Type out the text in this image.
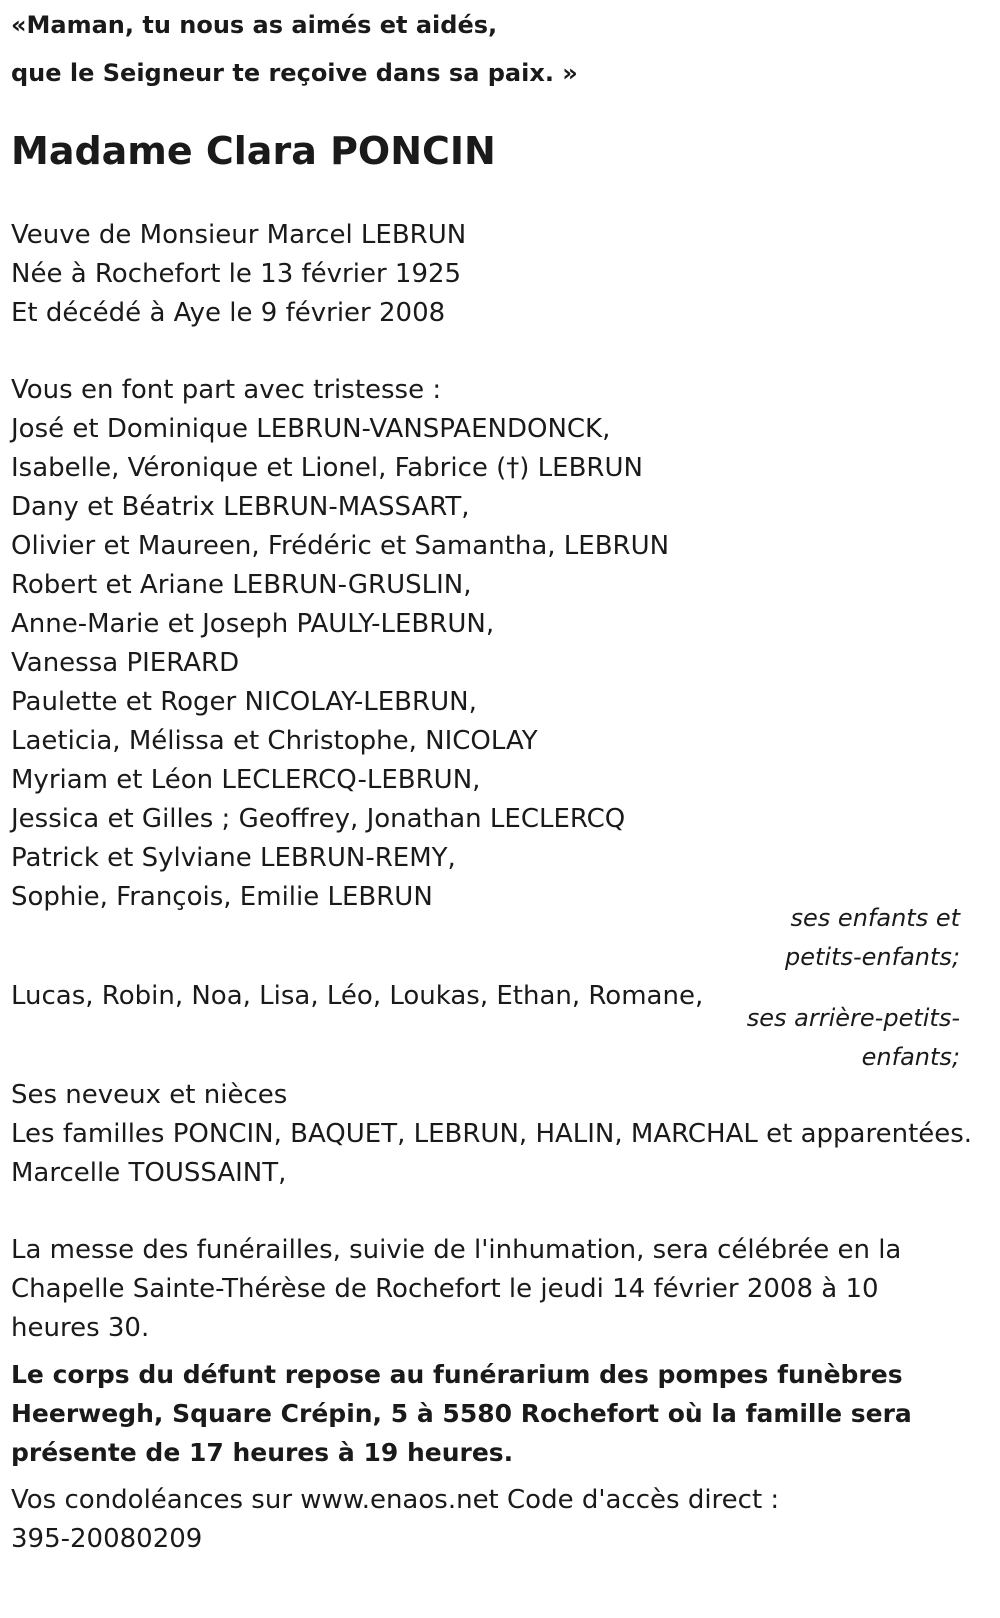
«Maman, tu nous as aimés et aidés,
que le Seigneur te reçoive dans sa paix. »
Madame Clara PONCIN
Veuve de Monsieur Marcel LEBRUN
Née à Rochefort le 13 février 1925
Et décédé à Aye le 9 février 2008
Vous en font part avec tristesse :
José et Dominique LEBRUN-VANSPAENDONCK,
Isabelle, Véronique et Lionel, Fabrice (†) LEBRUN
Dany et Béatrix LEBRUN-MASSART,
Olivier et Maureen, Frédéric et Samantha, LEBRUN
Robert et Ariane LEBRUN-GRUSLIN,
Anne-Marie et Joseph PAULY-LEBRUN,
Vanessa PIERARD
Paulette et Roger NICOLAY-LEBRUN,
Laeticia, Mélissa et Christophe, NICOLAY
Myriam et Léon LECLERCQ-LEBRUN,
Jessica et Gilles ; Geoffrey, Jonathan LECLERCQ
Patrick et Sylviane LEBRUN-REMY,
Sophie, François, Emilie LEBRUN
ses enfants et
petits-enfants;
Lucas, Robin, Noa, Lisa, Léo, Loukas, Ethan, Romane,
ses arrière-petits-
enfants;
Ses neveux et nièces
Les familles PONCIN, BAQUET, LEBRUN, HALIN, MARCHAL et apparentées.
Marcelle TOUSSAINT,
La messe des funérailles, suivie de l'inhumation, sera célébrée en la
Chapelle Sainte-Thérèse de Rochefort le jeudi 14 février 2008 à 10
heures 30.
Le corps du défunt repose au funérarium des pompes funèbres
Heerwegh, Square Crépin, 5 à 5580 Rochefort où la famille sera
présente de 17 heures à 19 heures.
Vos condoléances sur www.enaos.net Code d'accès direct :
395-20080209
